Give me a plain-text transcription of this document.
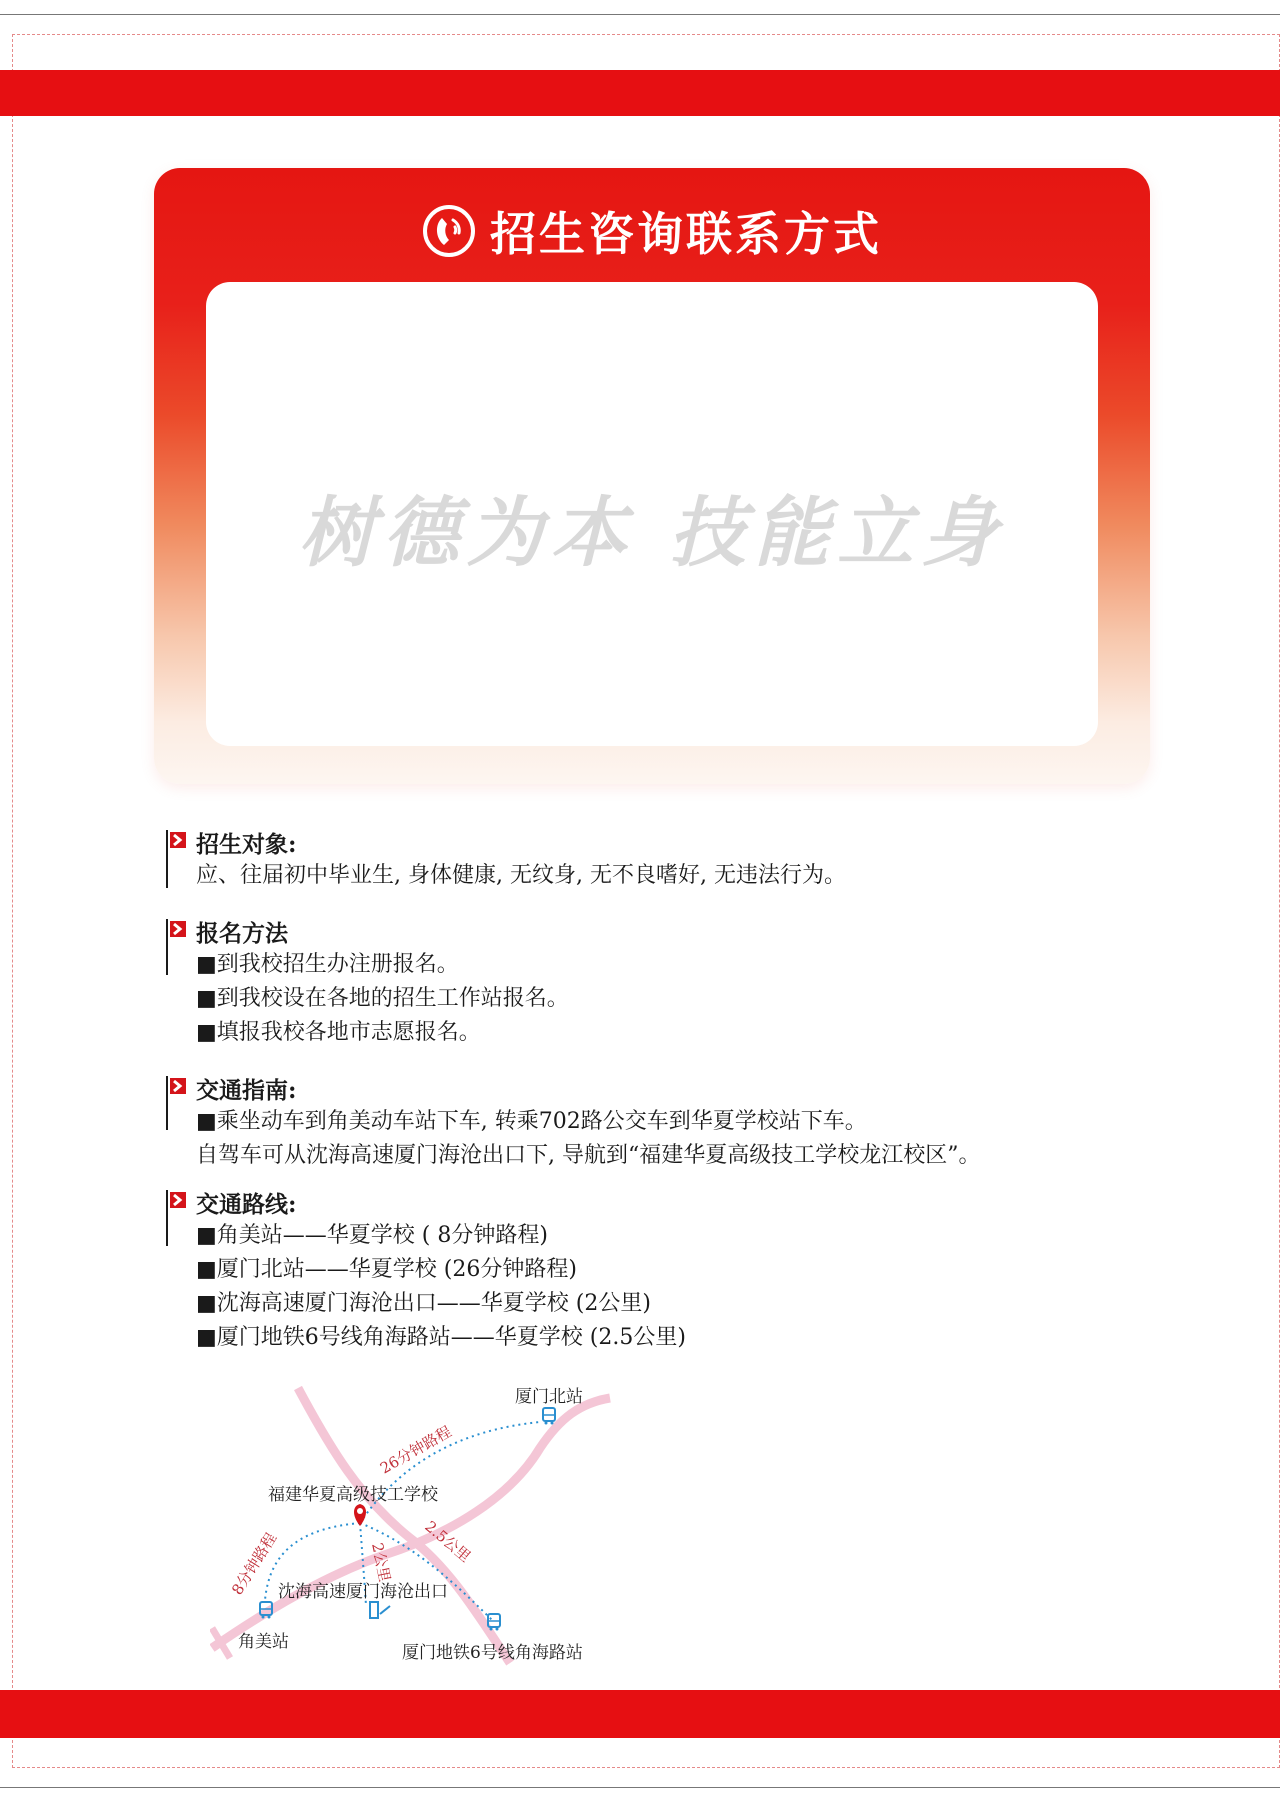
招生咨询联系方式
树德为本 技能立身
招生对象:
应、往届初中毕业生, 身体健康, 无纹身, 无不良嗜好, 无违法行为。
报名方法
■到我校招生办注册报名。
■到我校设在各地的招生工作站报名。
■填报我校各地市志愿报名。
交通指南:
■乘坐动车到角美动车站下车, 转乘702路公交车到华夏学校站下车。
自驾车可从沈海高速厦门海沧出口下, 导航到“福建华夏高级技工学校龙江校区”。
交通路线:
■角美站——华夏学校 ( 8分钟路程)
■厦门北站——华夏学校 (26分钟路程)
■沈海高速厦门海沧出口——华夏学校 (2公里)
■厦门地铁6号线角海路站——华夏学校 (2.5公里)
26分钟路程
8分钟路程	2公里 2.5公里
福建华夏高级技工学校
厦门北站
角美站
沈海高速厦门海沧出口
厦门地铁6号线角海路站
